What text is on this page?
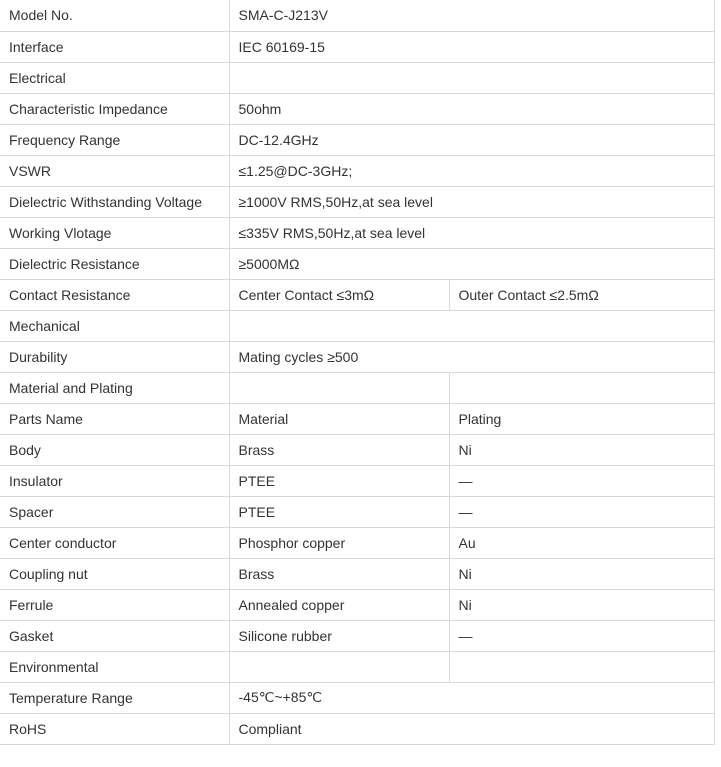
Model No.	SMA-C-J213V	
Interface	IEC 60169-15	
Electrical		
Characteristic Impedance	50ohm	
Frequency Range	DC-12.4GHz	
VSWR	≤1.25@DC-3GHz;	
Dielectric Withstanding Voltage	≥1000V RMS,50Hz,at sea level	
Working Vlotage	≤335V RMS,50Hz,at sea level	
Dielectric Resistance	≥5000MΩ	
Contact Resistance	Center Contact ≤3mΩ	Outer Contact ≤2.5mΩ
Mechanical		
Durability	Mating cycles ≥500	
Material and Plating		
Parts Name	Material	Plating
Body	Brass	Ni
Insulator	PTEE	—
Spacer	PTEE	—
Center conductor	Phosphor copper	Au
Coupling nut	Brass	Ni
Ferrule	Annealed copper	Ni
Gasket	Silicone rubber	—
Environmental		
Temperature Range	-45℃~+85℃	
RoHS	Compliant	
